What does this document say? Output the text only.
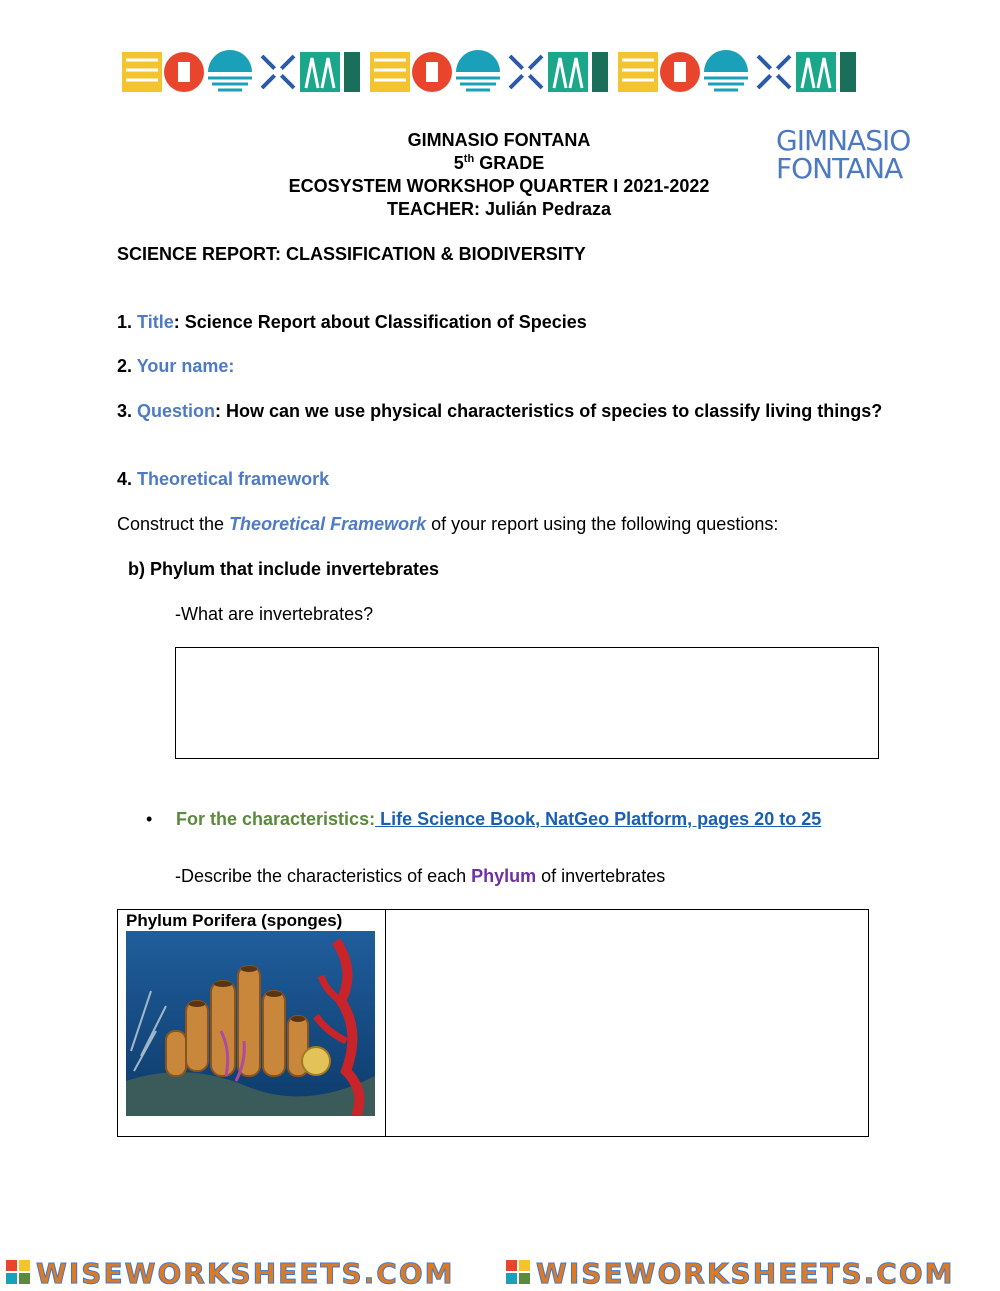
GIMNASIO FONTANA
5th GRADE
ECOSYSTEM WORKSHOP QUARTER I 2021-2022
TEACHER: Julián Pedraza
GIMNASIO
FONTANA
SCIENCE REPORT: CLASSIFICATION & BIODIVERSITY
1. Title: Science Report about Classification of Species
2. Your name:
3. Question: How can we use physical characteristics of species to classify living things?
4. Theoretical framework
Construct the Theoretical Framework of your report using the following questions:
b) Phylum that include invertebrates
-What are invertebrates?
• For the characteristics: Life Science Book, NatGeo Platform, pages 20 to 25
-Describe the characteristics of each Phylum of invertebrates
Phylum Porifera (sponges)
WISEWORKSHEETS.COM	WISEWORKSHEETS.COM
